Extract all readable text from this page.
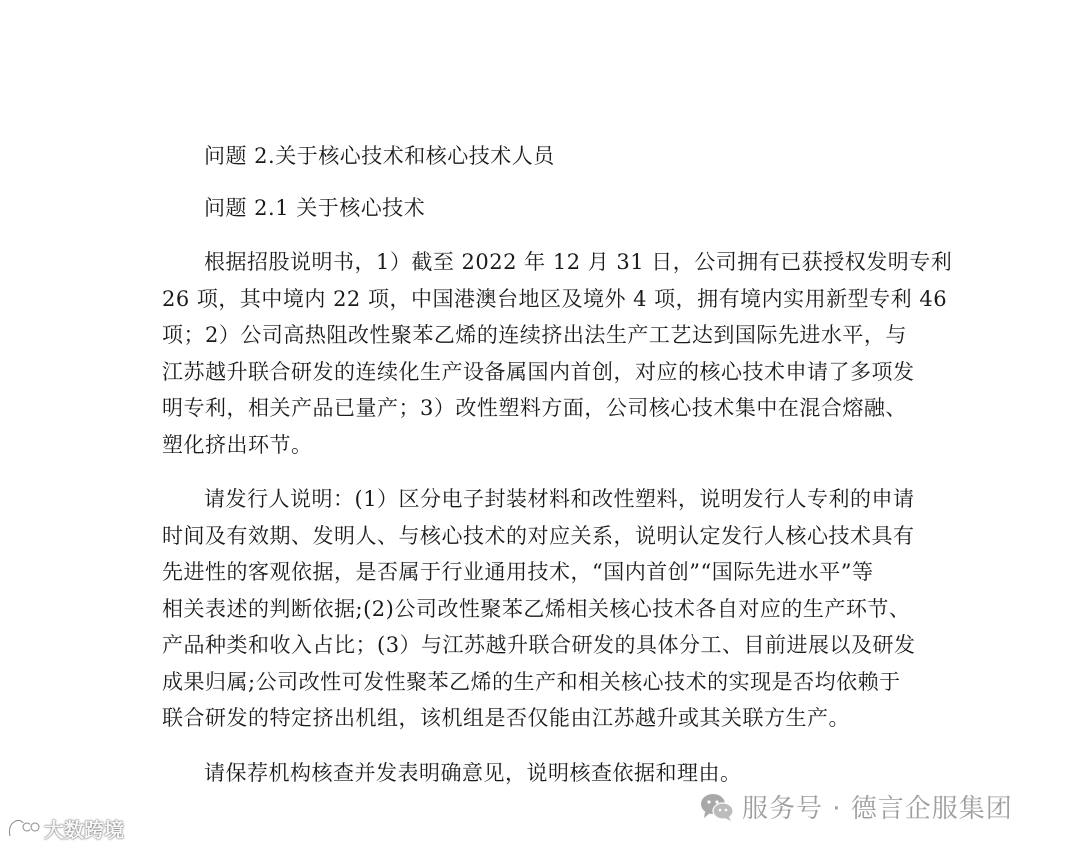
问题 2.关于核心技术和核心技术人员
问题 2.1 关于核心技术
根据招股说明书，1）截至 2022 年 12 月 31 日，公司拥有已获授权发明专利
26 项，其中境内 22 项，中国港澳台地区及境外 4 项，拥有境内实用新型专利 46
项；2）公司高热阻改性聚苯乙烯的连续挤出法生产工艺达到国际先进水平，与
江苏越升联合研发的连续化生产设备属国内首创，对应的核心技术申请了多项发
明专利，相关产品已量产；3）改性塑料方面，公司核心技术集中在混合熔融、
塑化挤出环节。
请发行人说明：(1）区分电子封装材料和改性塑料，说明发行人专利的申请
时间及有效期、发明人、与核心技术的对应关系，说明认定发行人核心技术具有
先进性的客观依据，是否属于行业通用技术，“国内首创”“国际先进水平”等
相关表述的判断依据;(2)公司改性聚苯乙烯相关核心技术各自对应的生产环节、
产品种类和收入占比；(3）与江苏越升联合研发的具体分工、目前进展以及研发
成果归属;公司改性可发性聚苯乙烯的生产和相关核心技术的实现是否均依赖于
联合研发的特定挤出机组，该机组是否仅能由江苏越升或其关联方生产。
请保荐机构核查并发表明确意见，说明核查依据和理由。
大数跨境
服务号 · 德言企服集团
